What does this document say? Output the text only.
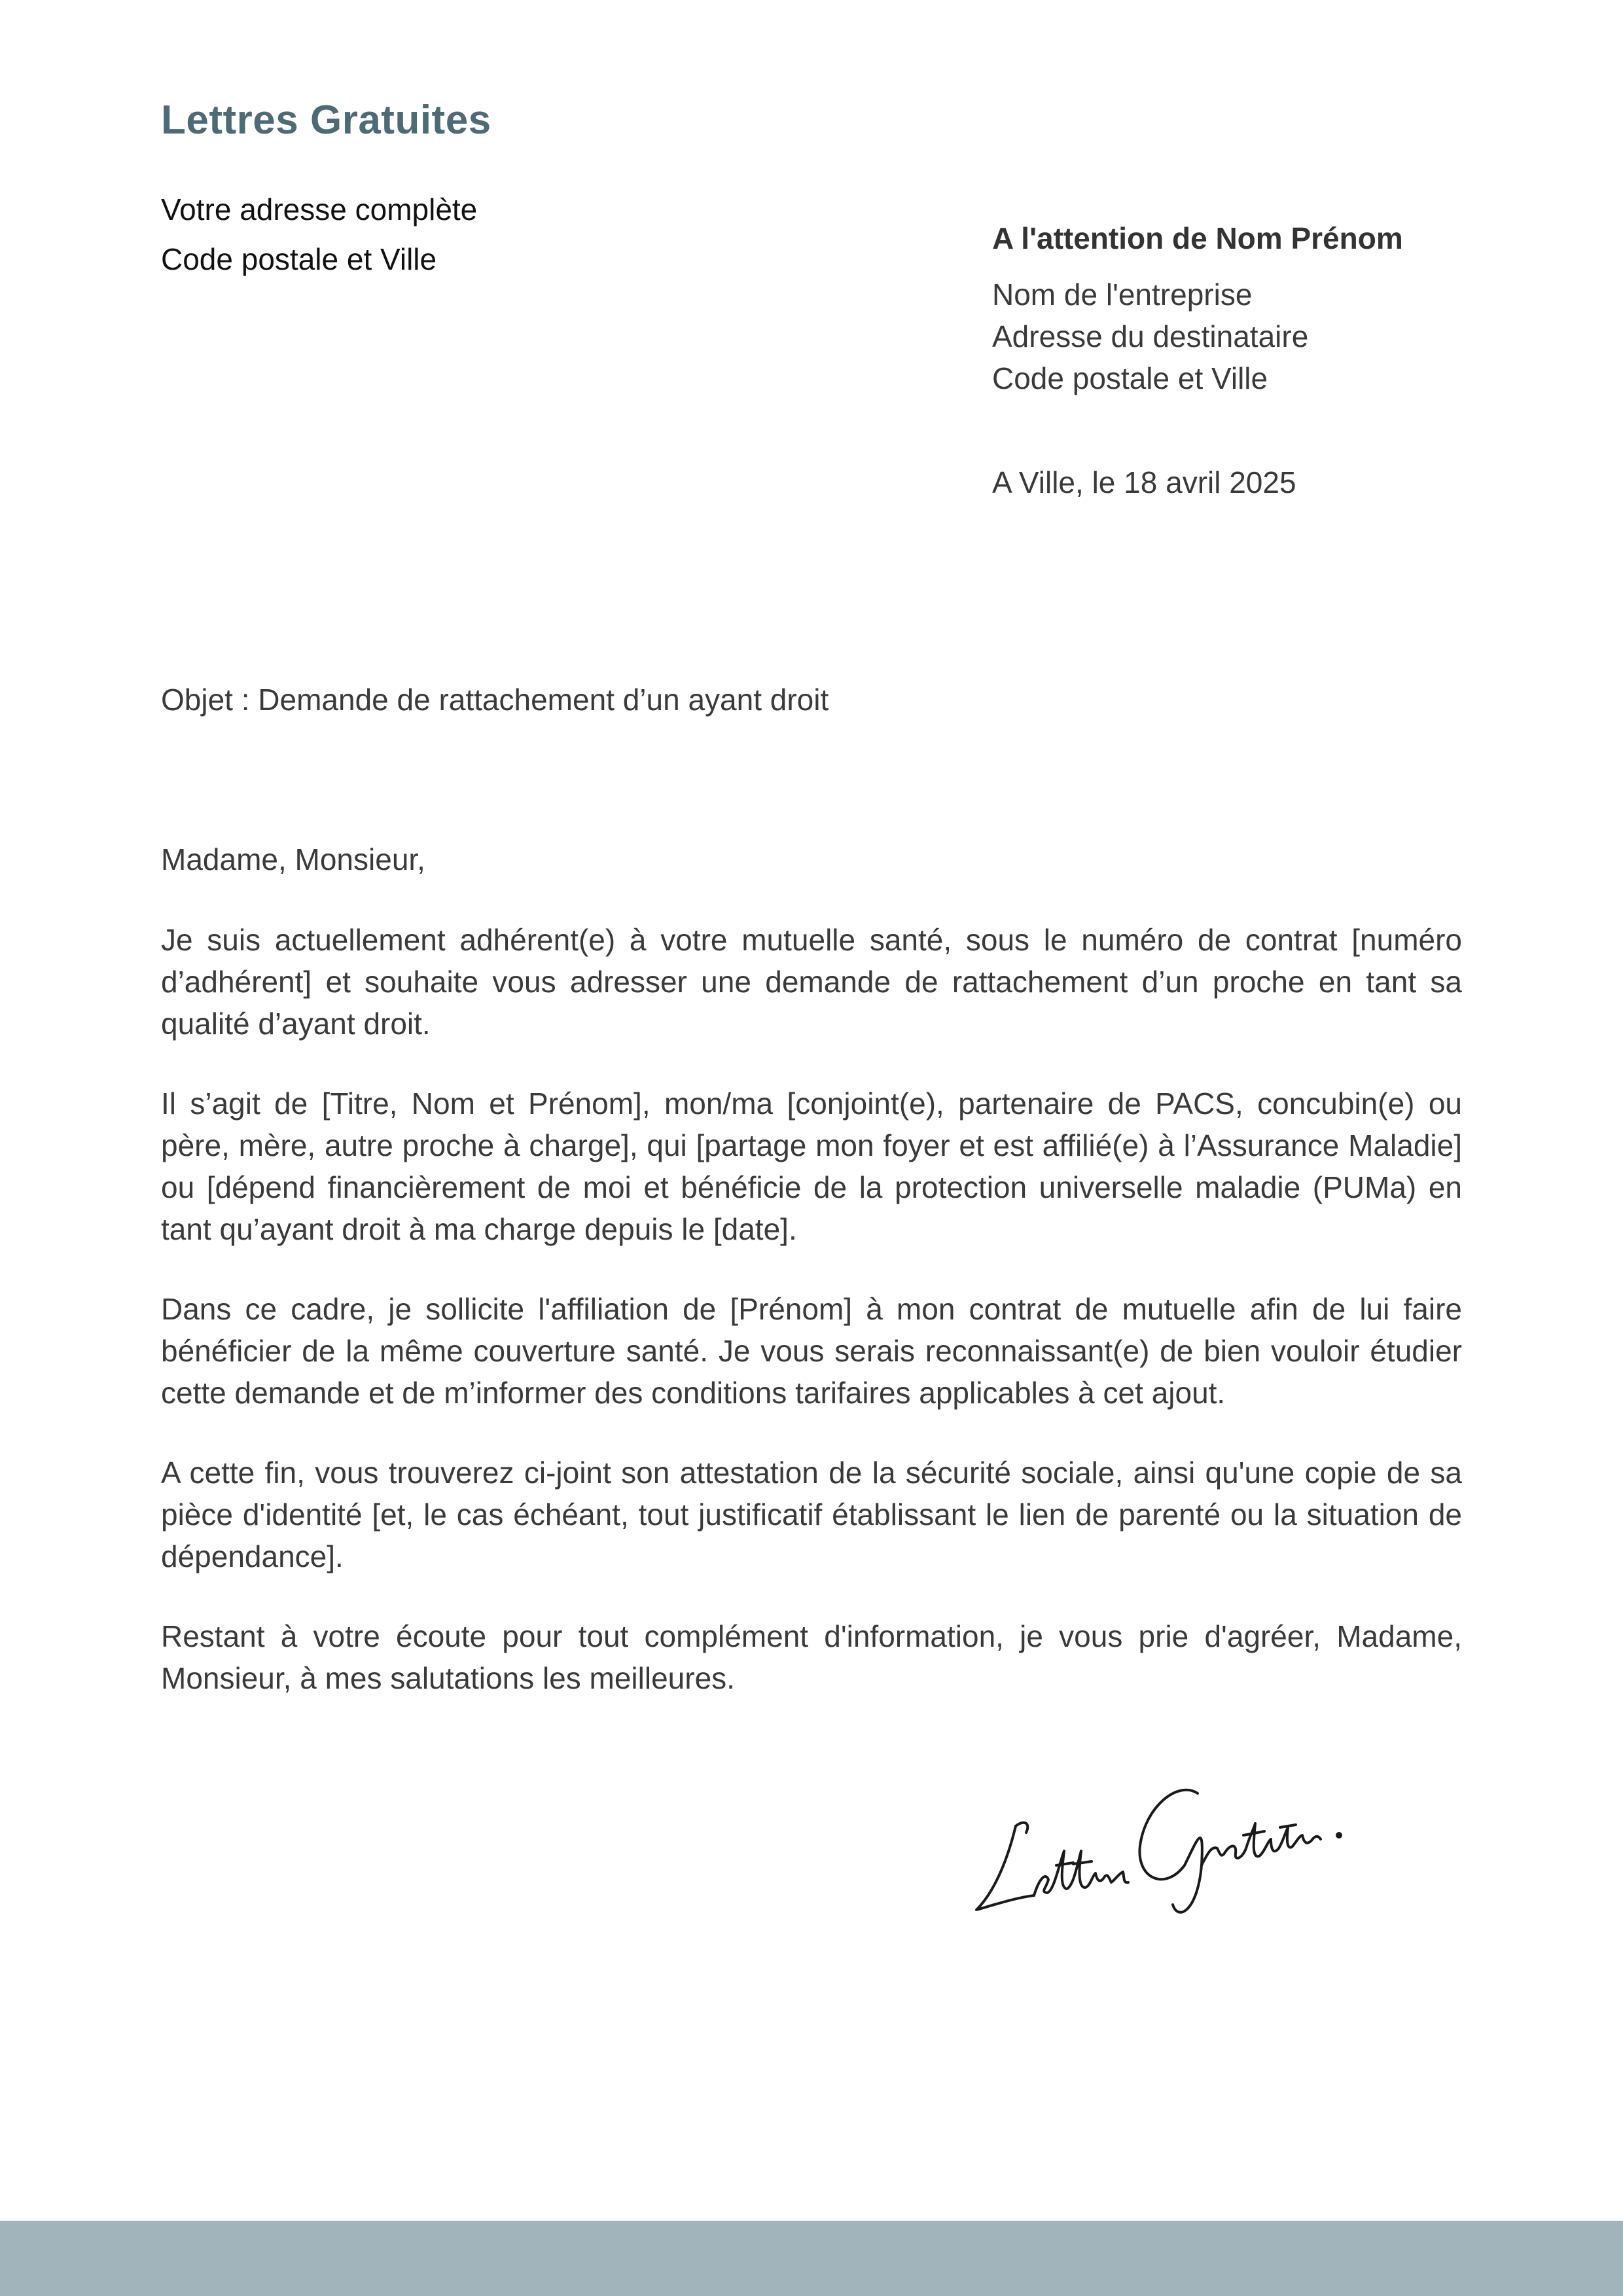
Lettres Gratuites
Votre adresse complète
Code postale et Ville
A l'attention de Nom Prénom
Nom de l'entreprise
Adresse du destinataire
Code postale et Ville
A Ville, le 18 avril 2025
Objet : Demande de rattachement d’un ayant droit
Madame, Monsieur,

Je suis actuellement adhérent(e) à votre mutuelle santé, sous le numéro de contrat [numéro d’adhérent] et souhaite vous adresser une demande de rattachement d’un proche en tant sa qualité d’ayant droit.

Il s’agit de [Titre, Nom et Prénom], mon/ma [conjoint(e), partenaire de PACS, concubin(e) ou père, mère, autre proche à charge], qui [partage mon foyer et est affilié(e) à l’Assurance Maladie] ou [dépend financièrement de moi et bénéficie de la protection universelle maladie (PUMa) en tant qu’ayant droit à ma charge depuis le [date].

Dans ce cadre, je sollicite l'affiliation de [Prénom] à mon contrat de mutuelle afin de lui faire bénéficier de la même couverture santé. Je vous serais reconnaissant(e) de bien vouloir étudier cette demande et de m’informer des conditions tarifaires applicables à cet ajout.

A cette fin, vous trouverez ci-joint son attestation de la sécurité sociale, ainsi qu'une copie de sa pièce d'identité [et, le cas échéant, tout justificatif établissant le lien de parenté ou la situation de dépendance].

Restant à votre écoute pour tout complément d'information, je vous prie d'agréer, Madame, Monsieur, à mes salutations les meilleures.
